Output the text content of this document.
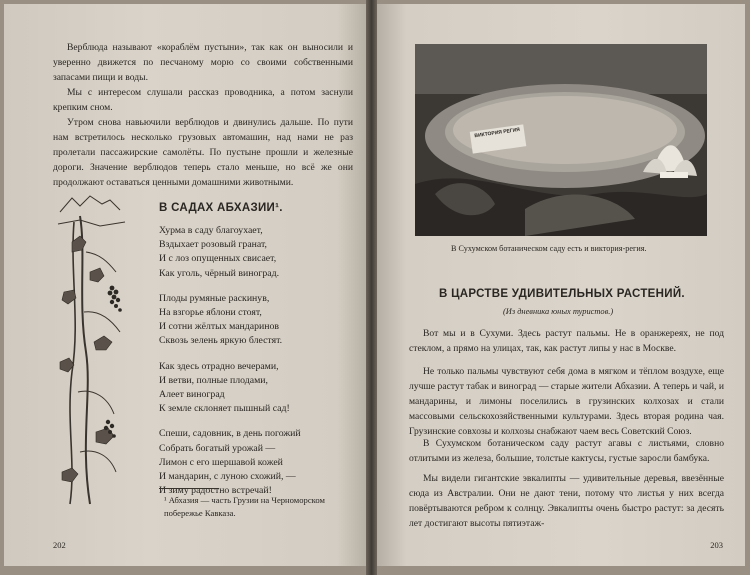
Верблюда называют «кораблём пустыни», так как он выносили и уверенно движется по песчаному морю со своими собственными запасами пищи и воды.

Мы с интересом слушали рассказ проводника, а потом заснули крепким сном.

Утром снова навьючили верблюдов и двинулись дальше. По пути нам встретилось несколько грузовых автомашин, над нами не раз пролетали пассажирские самолёты. По пустыне прошли и железные дороги. Значение верблюдов теперь стало меньше, но всё же они продолжают оставаться ценными домашними животными.

В САДАХ АБХАЗИИ¹.
Хурма в саду благоухает,
Вздыхает розовый гранат,
И с лоз опущенных свисает,
Как уголь, чёрный виноград.
Плоды румяные раскинув,
На взгорье яблони стоят,
И сотни жёлтых мандаринов
Сквозь зелень яркую блестят.
Как здесь отрадно вечерами,
И ветви, полные плодами,
Алеет виноград
К земле склоняет пышный сад!
Спеши, садовник, в день погожий
Собрать богатый урожай —
Лимон с его шершавой кожей
И мандарин, с луною схожий, —
И зиму радостно встречай!

¹ Абхазия — часть Грузии на Черноморском побережье Кавказа.

202
ВИКТОРИЯ РЕГИЯ
В Сухумском ботаническом саду есть и виктория-регия.
В ЦАРСТВЕ УДИВИТЕЛЬНЫХ РАСТЕНИЙ.
(Из дневника юных туристов.)

Вот мы и в Сухуми. Здесь растут пальмы. Не в оранжереях, не под стеклом, а прямо на улицах, так, как растут липы у нас в Москве.

Не только пальмы чувствуют себя дома в мягком и тёплом воздухе, еще лучше растут табак и виноград — старые жители Абхазии. А теперь и чай, и мандарины, и лимоны поселились в грузинских колхозах и стали массовыми сельскохозяйственными культурами. Здесь вторая родина чая. Грузинские совхозы и колхозы снабжают чаем весь Советский Союз.

В Сухумском ботаническом саду растут агавы с листьями, словно отлитыми из железа, большие, толстые кактусы, густые заросли бамбука.

Мы видели гигантские эвкалипты — удивительные деревья, ввезённые сюда из Австралии. Они не дают тени, потому что листья у них всегда повёртываются ребром к солнцу. Эвкалипты очень быстро растут: за десять лет достигают высоты пятиэтаж-

203
